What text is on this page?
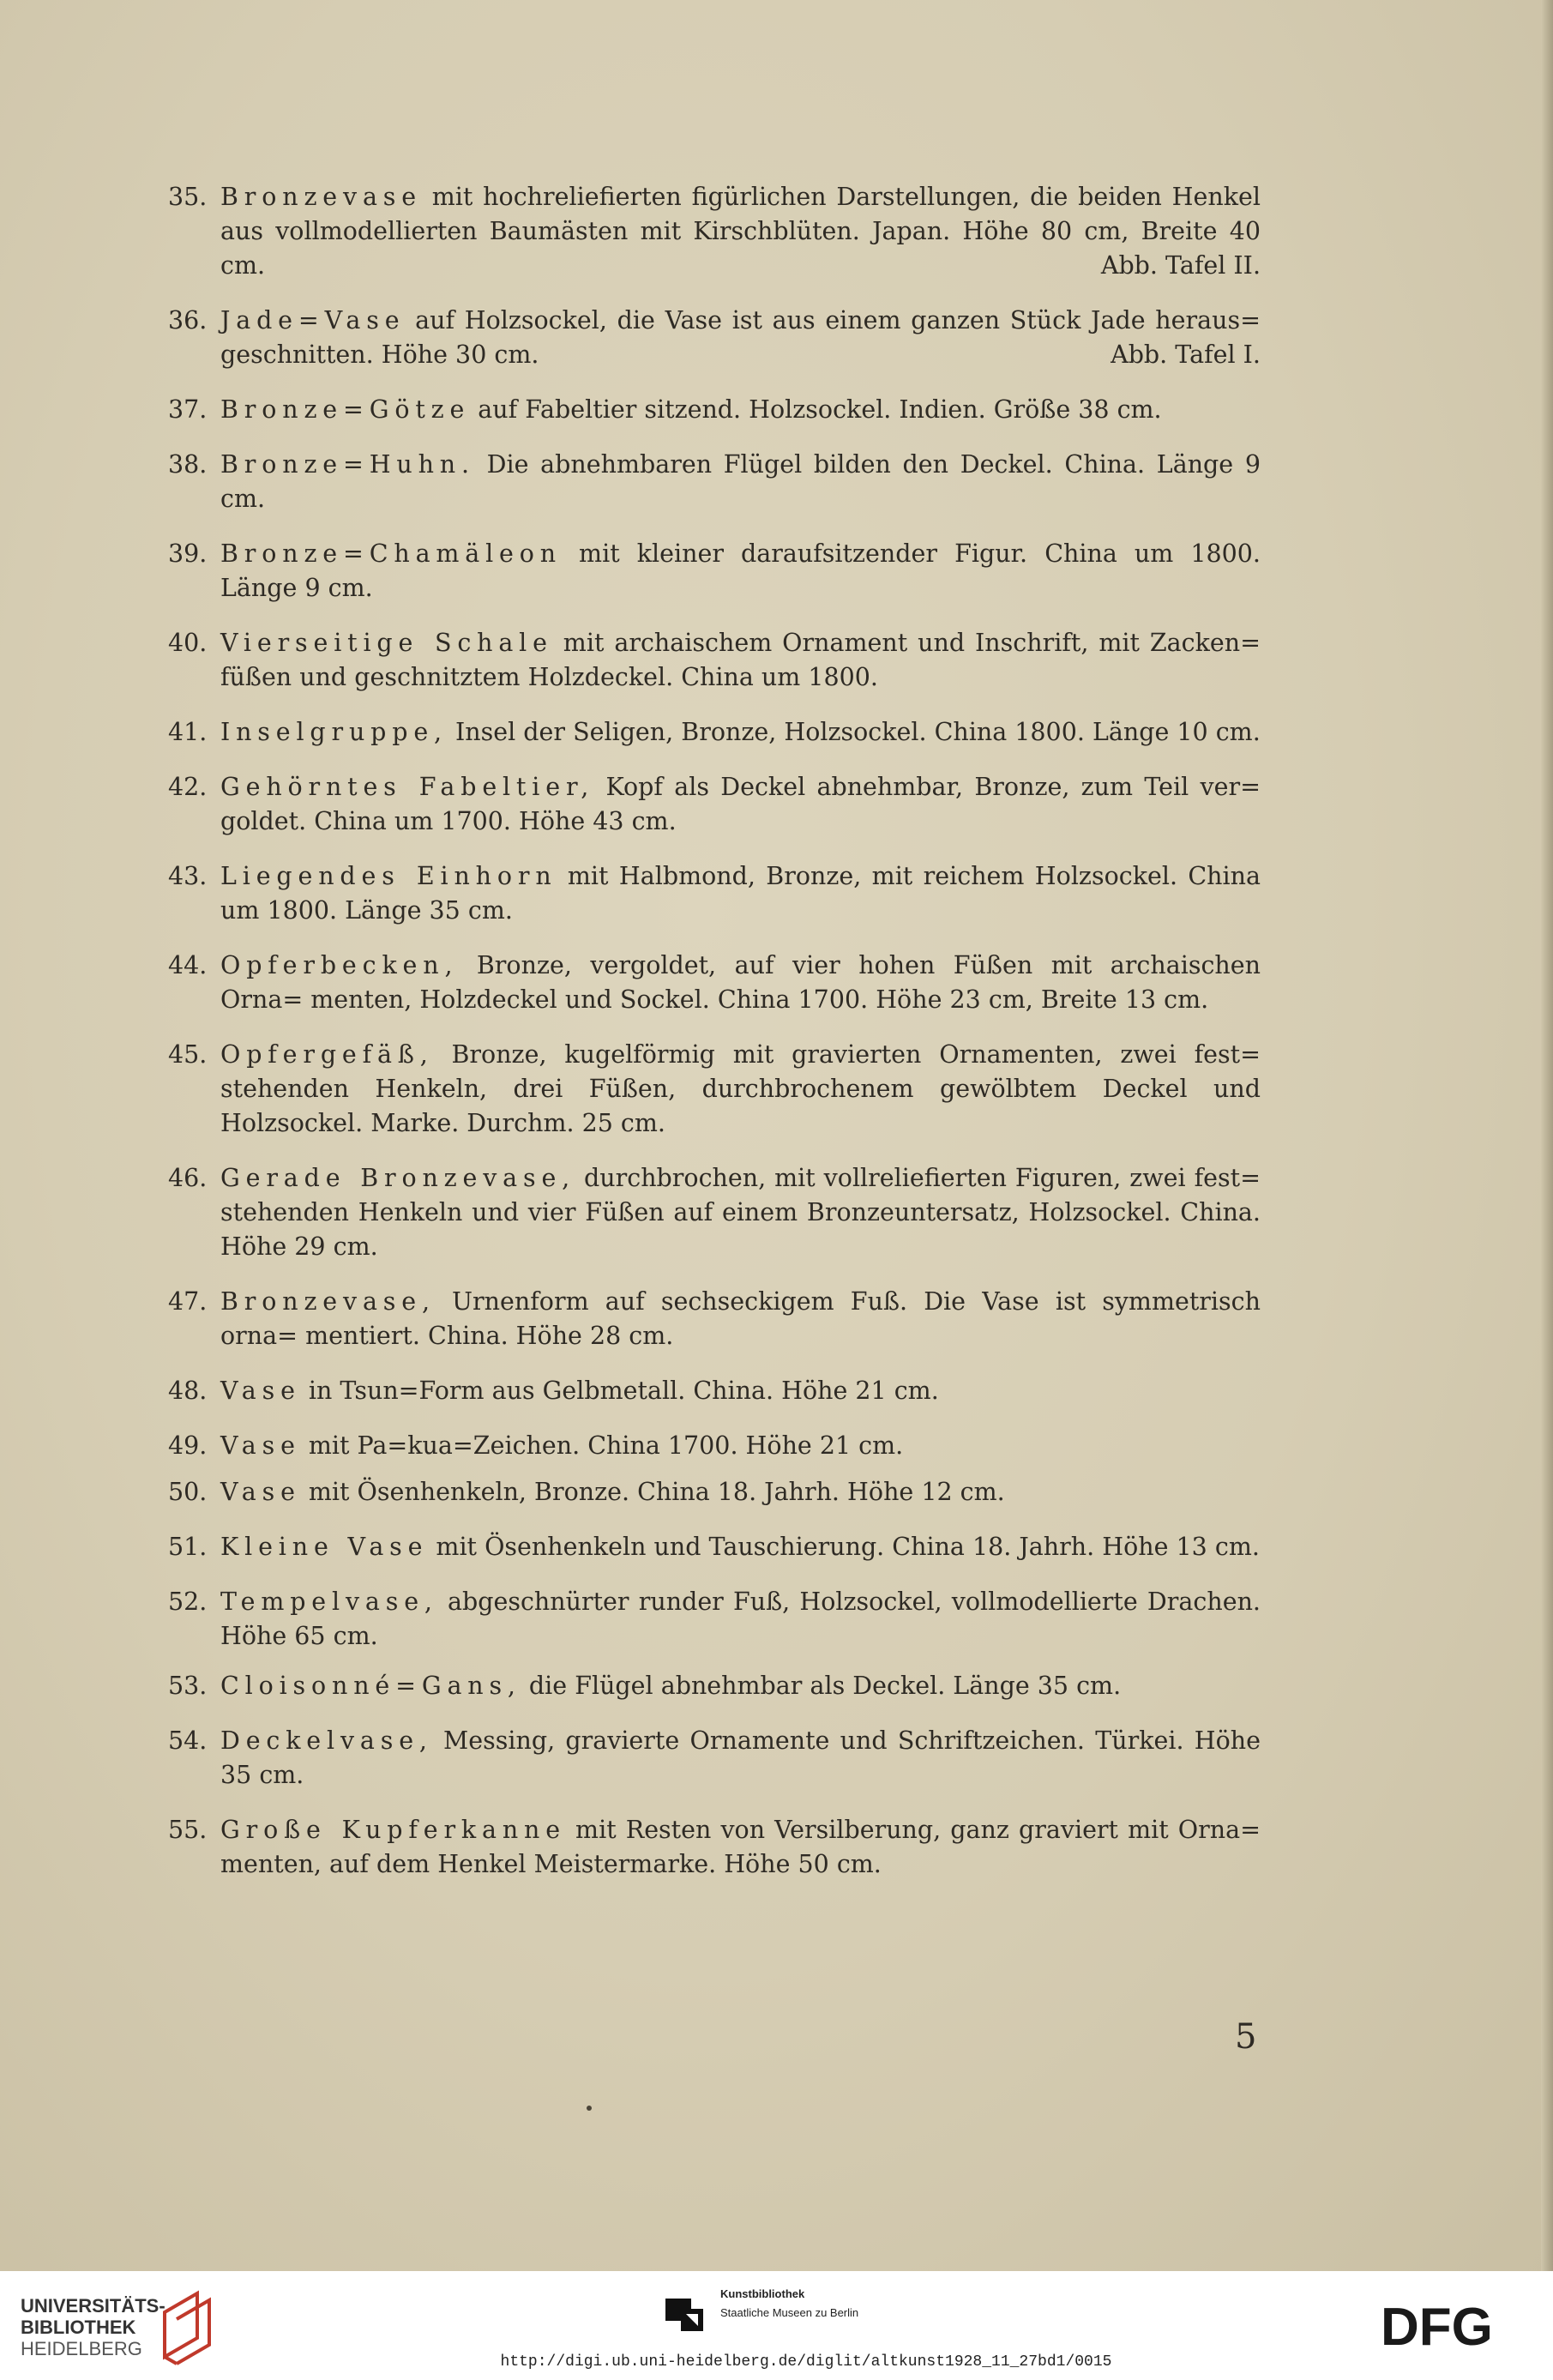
35. Bronzevase mit hochreliefierten figürlichen Darstellungen, die beiden Henkel aus vollmodellierten Baumästen mit Kirschblüten. Japan. Höhe 80 cm, Breite 40 cm.	Abb. Tafel II.
36. Jade=Vase auf Holzsockel, die Vase ist aus einem ganzen Stück Jade heraus= geschnitten. Höhe 30 cm.	Abb. Tafel I.
37. Bronze=Götze auf Fabeltier sitzend. Holzsockel. Indien. Größe 38 cm.
38. Bronze=Huhn. Die abnehmbaren Flügel bilden den Deckel. China. Länge 9 cm.
39. Bronze=Chamäleon mit kleiner daraufsitzender Figur. China um 1800. Länge 9 cm.
40. Vierseitige Schale mit archaischem Ornament und Inschrift, mit Zacken= füßen und geschnitztem Holzdeckel. China um 1800.
41. Inselgruppe, Insel der Seligen, Bronze, Holzsockel. China 1800. Länge 10 cm.
42. Gehörntes Fabeltier, Kopf als Deckel abnehmbar, Bronze, zum Teil ver= goldet. China um 1700. Höhe 43 cm.
43. Liegendes Einhorn mit Halbmond, Bronze, mit reichem Holzsockel. China um 1800. Länge 35 cm.
44. Opferbecken, Bronze, vergoldet, auf vier hohen Füßen mit archaischen Orna= menten, Holzdeckel und Sockel. China 1700. Höhe 23 cm, Breite 13 cm.
45. Opfergefäß, Bronze, kugelförmig mit gravierten Ornamenten, zwei fest= stehenden Henkeln, drei Füßen, durchbrochenem gewölbtem Deckel und Holzsockel. Marke. Durchm. 25 cm.
46. Gerade Bronzevase, durchbrochen, mit vollreliefierten Figuren, zwei fest= stehenden Henkeln und vier Füßen auf einem Bronzeuntersatz, Holzsockel. China. Höhe 29 cm.
47. Bronzevase, Urnenform auf sechseckigem Fuß. Die Vase ist symmetrisch orna= mentiert. China. Höhe 28 cm.
48. Vase in Tsun=Form aus Gelbmetall. China. Höhe 21 cm.
49. Vase mit Pa=kua=Zeichen. China 1700. Höhe 21 cm.
50. Vase mit Ösenhenkeln, Bronze. China 18. Jahrh. Höhe 12 cm.
51. Kleine Vase mit Ösenhenkeln und Tauschierung. China 18. Jahrh. Höhe 13 cm.
52. Tempelvase, abgeschnürter runder Fuß, Holzsockel, vollmodellierte Drachen. Höhe 65 cm.
53. Cloisonné=Gans, die Flügel abnehmbar als Deckel. Länge 35 cm.
54. Deckelvase, Messing, gravierte Ornamente und Schriftzeichen. Türkei. Höhe 35 cm.
55. Große Kupferkanne mit Resten von Versilberung, ganz graviert mit Orna= menten, auf dem Henkel Meistermarke. Höhe 50 cm.
5
UNIVERSITÄTS-
BIBLIOTHEK
HEIDELBERG
Kunstbibliothek
Staatliche Museen zu Berlin	DFG
http://digi.ub.uni-heidelberg.de/diglit/altkunst1928_11_27bd1/0015
